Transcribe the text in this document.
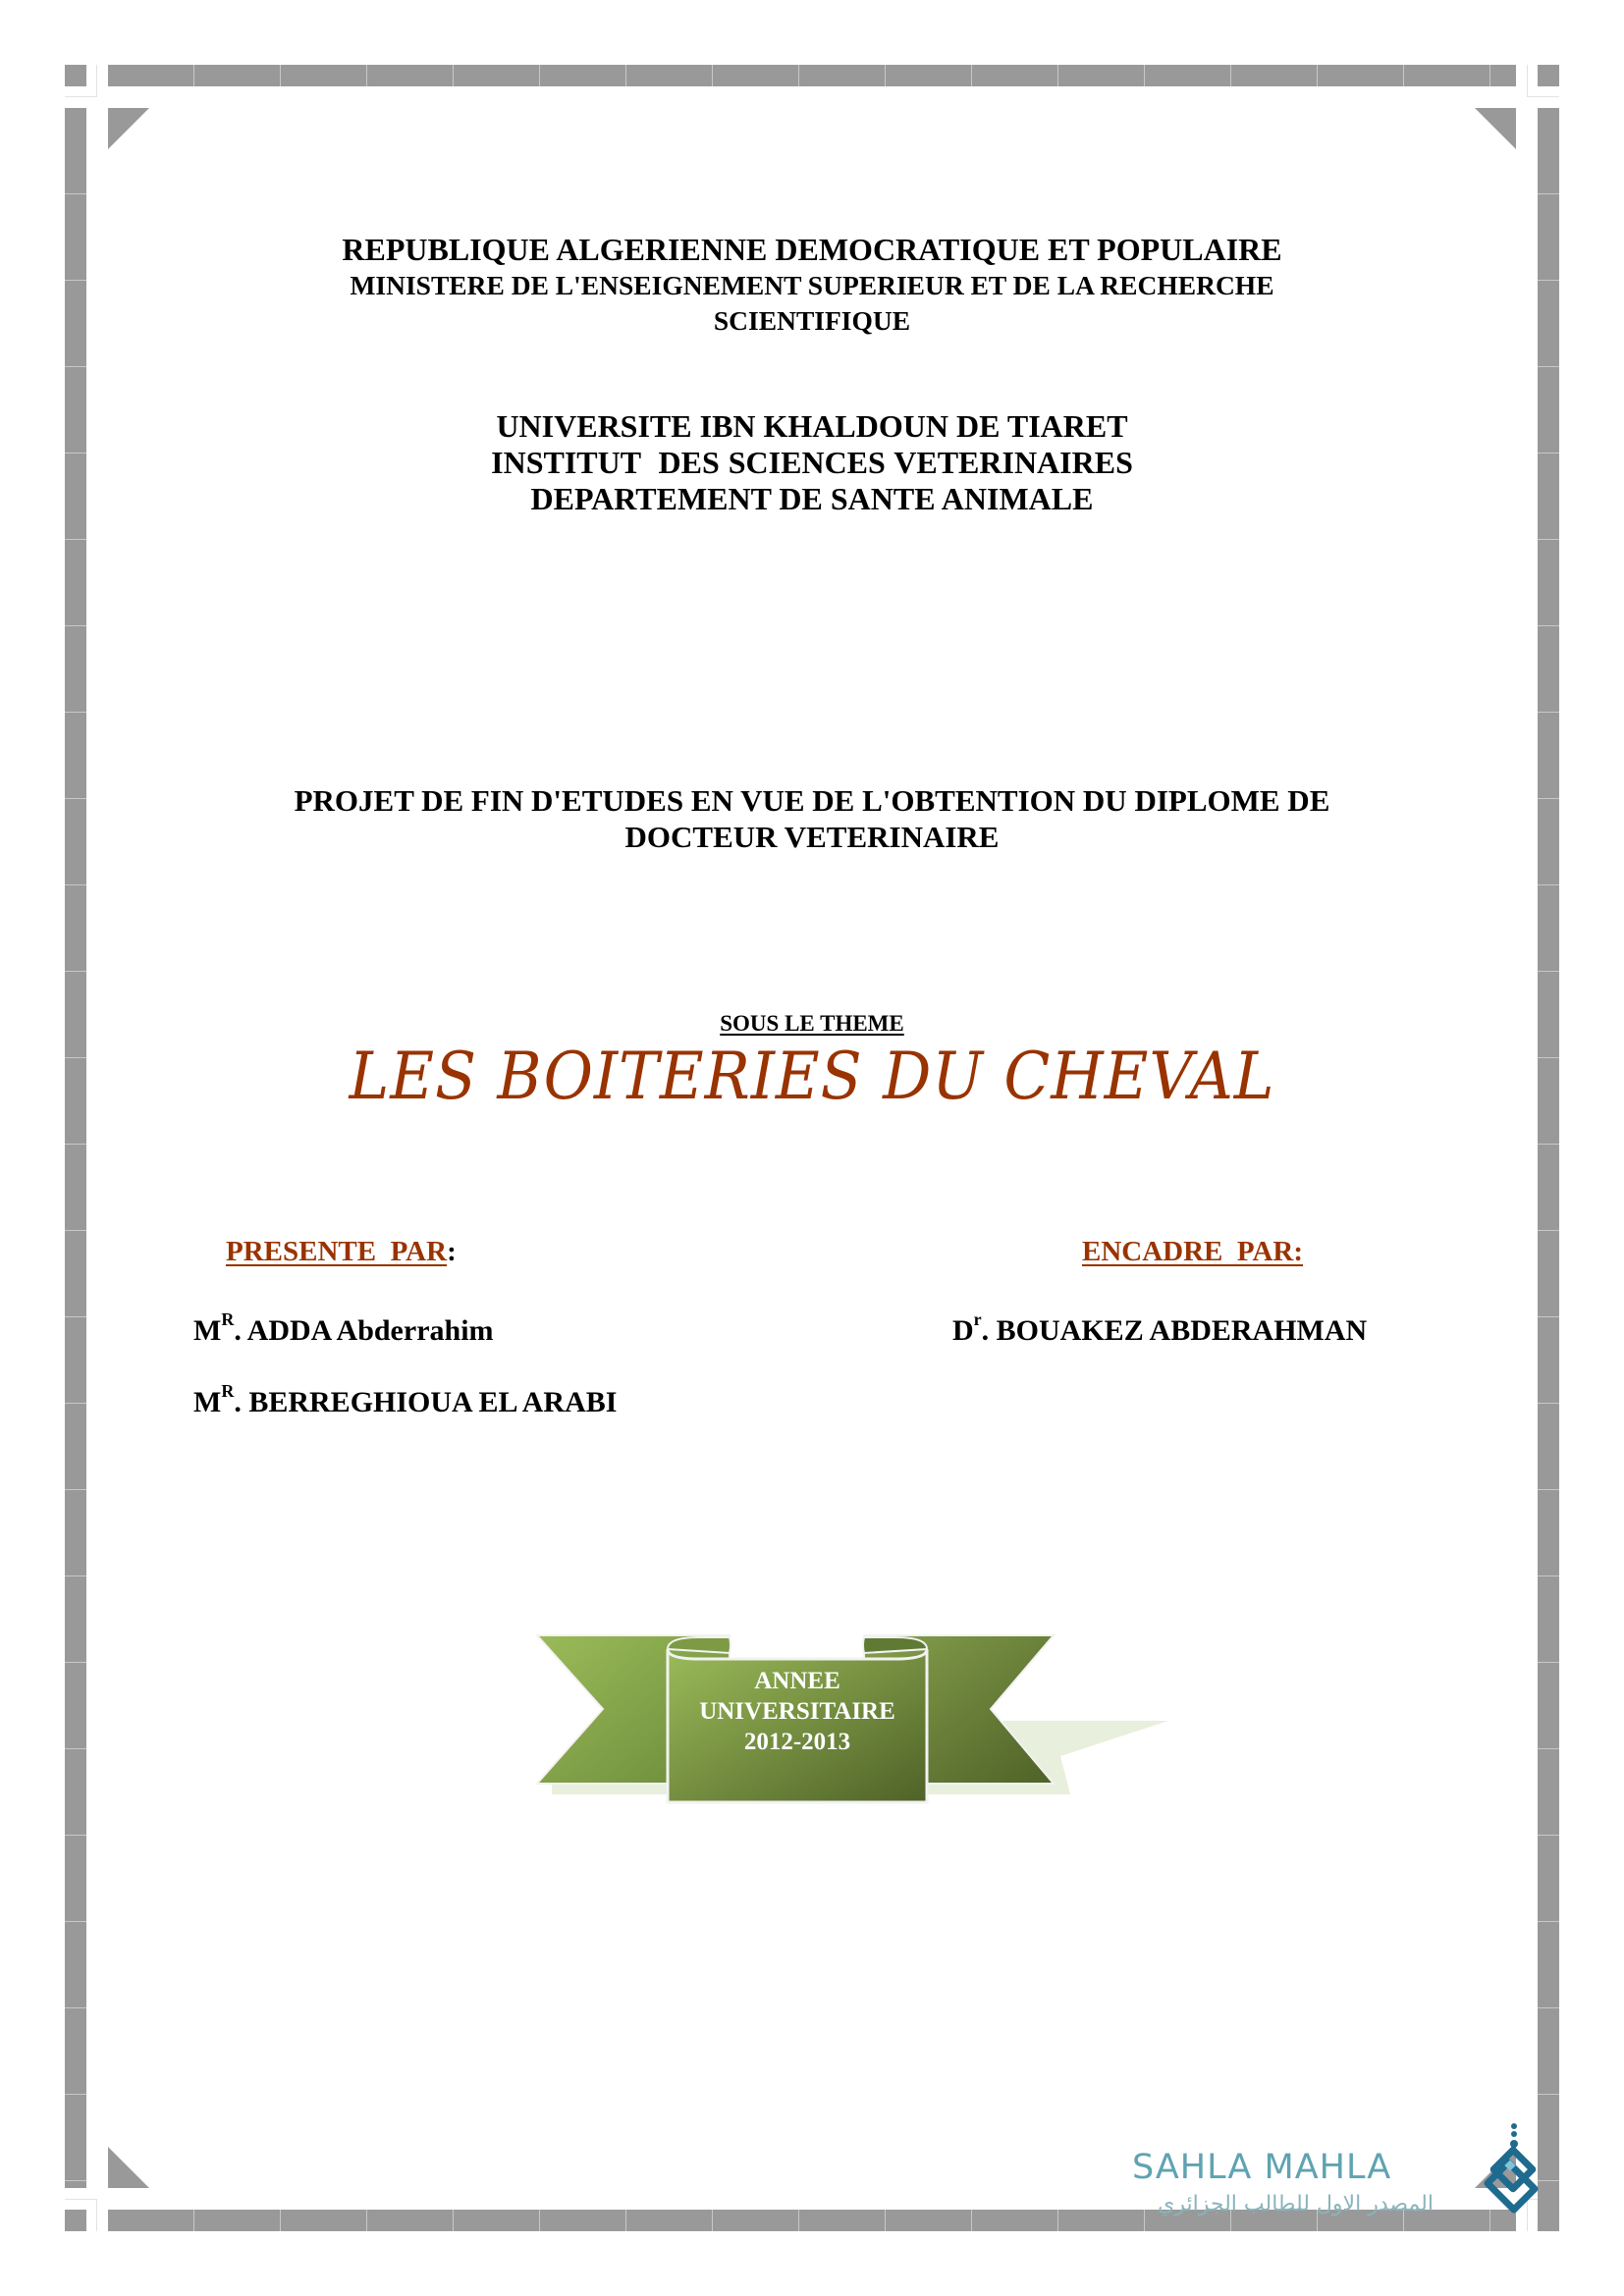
REPUBLIQUE ALGERIENNE DEMOCRATIQUE ET POPULAIRE
MINISTERE DE L'ENSEIGNEMENT SUPERIEUR ET DE LA RECHERCHE
SCIENTIFIQUE
UNIVERSITE IBN KHALDOUN DE TIARET
INSTITUT  DES SCIENCES VETERINAIRES
DEPARTEMENT DE SANTE ANIMALE
PROJET DE FIN D'ETUDES EN VUE DE L'OBTENTION DU DIPLOME DE
DOCTEUR VETERINAIRE
SOUS LE THEME
LES BOITERIES DU CHEVAL
PRESENTE  PAR:
$M^R$. ADDA Abderrahim
$M^R$. BERREGHIOUA EL ARABI
ENCADRE  PAR:
$D^r$. BOUAKEZ ABDERAHMAN
ANNEE
UNIVERSITAIRE
2012-2013
SAHLA MAHLA
المصدر الاول للطالب الجزائري
